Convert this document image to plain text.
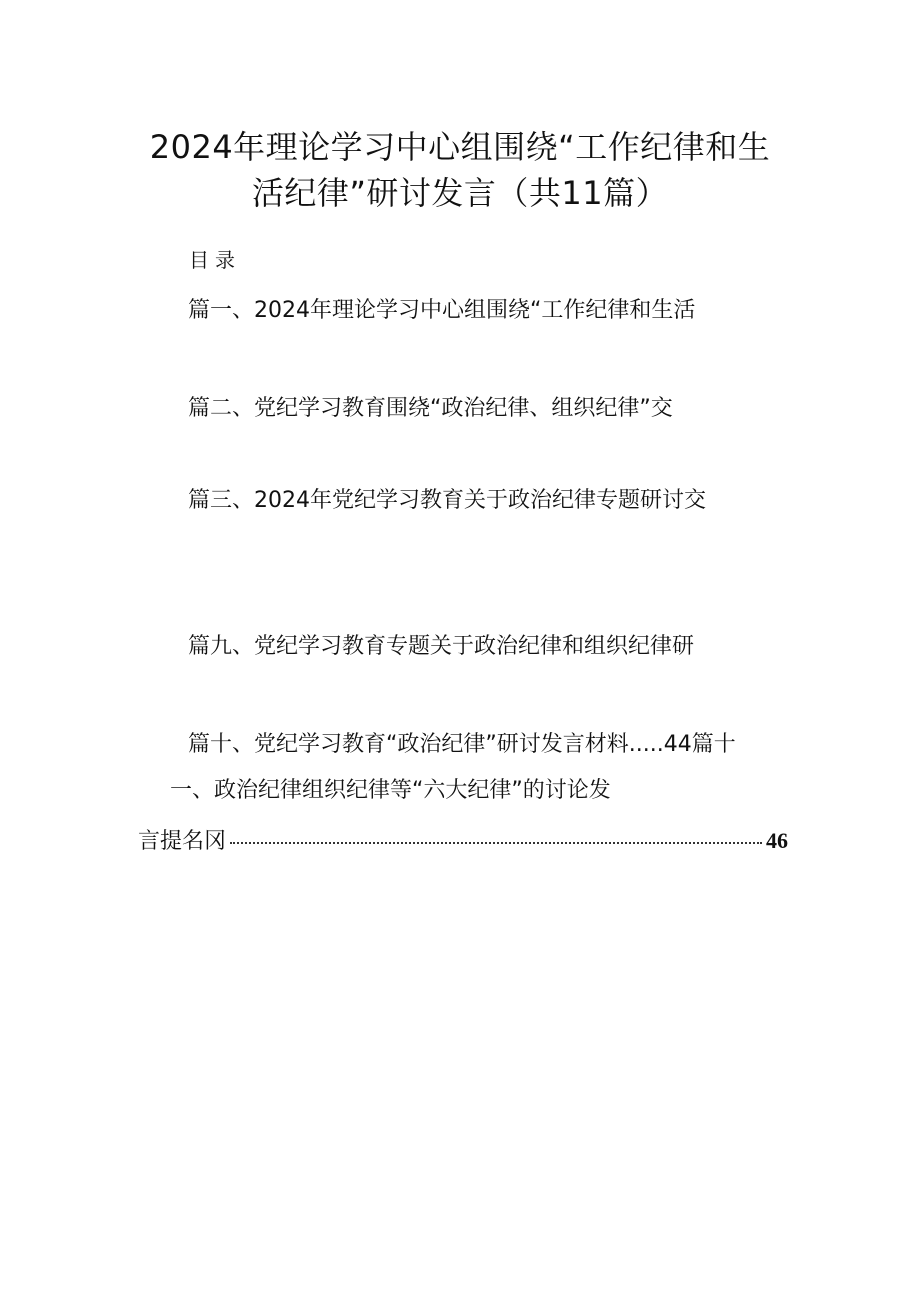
2024年理论学习中心组围绕“工作纪律和生
活纪律”研讨发言（共11篇）
目录
篇一、2024年理论学习中心组围绕“工作纪律和生活
篇二、党纪学习教育围绕“政治纪律、组织纪律”交
篇三、2024年党纪学习教育关于政治纪律专题研讨交
篇九、党纪学习教育专题关于政治纪律和组织纪律研
篇十、党纪学习教育“政治纪律”研讨发言材料.....44篇十
一、政治纪律组织纪律等“六大纪律”的讨论发
言提名冈	46
